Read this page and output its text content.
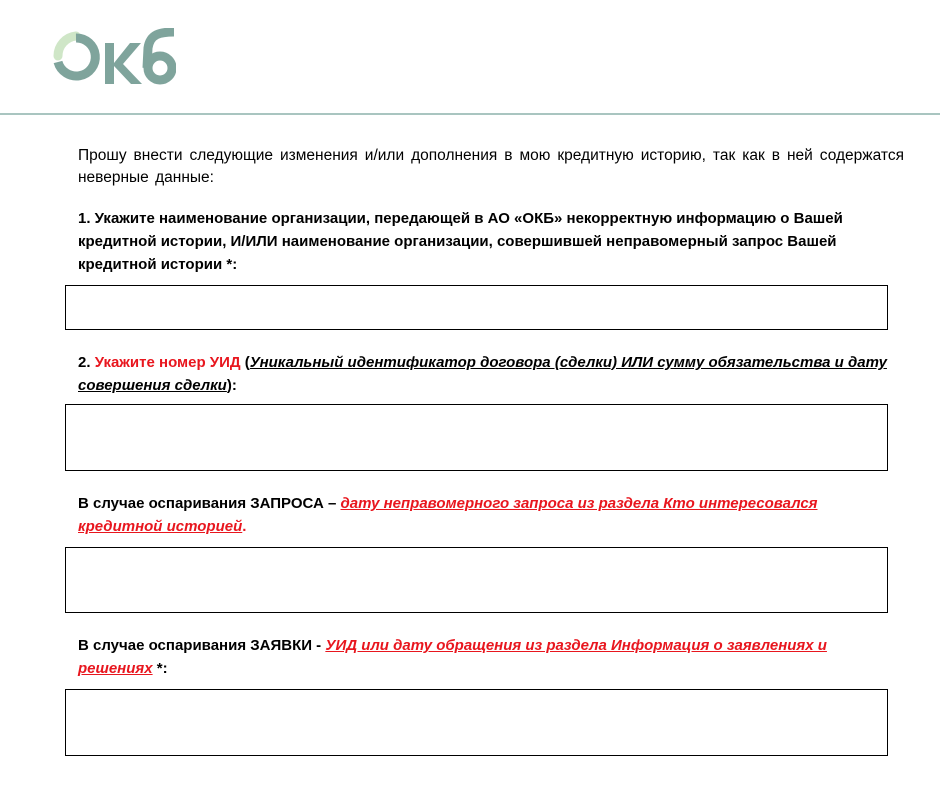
Прошу внести следующие изменения и/или дополнения в мою кредитную историю, так как в ней содержатся неверные данные:
1. Укажите наименование организации, передающей в АО «ОКБ» некорректную информацию о Вашей кредитной истории, И/ИЛИ наименование организации, совершившей неправомерный запрос Вашей кредитной истории *:
2. Укажите номер УИД (Уникальный идентификатор договора (сделки) ИЛИ сумму обязательства и дату совершения сделки):
В случае оспаривания ЗАПРОСА – дату неправомерного запроса из раздела Кто интересовался кредитной историей.
В случае оспаривания ЗАЯВКИ - УИД или дату обращения из раздела Информация о заявлениях и решениях *:
